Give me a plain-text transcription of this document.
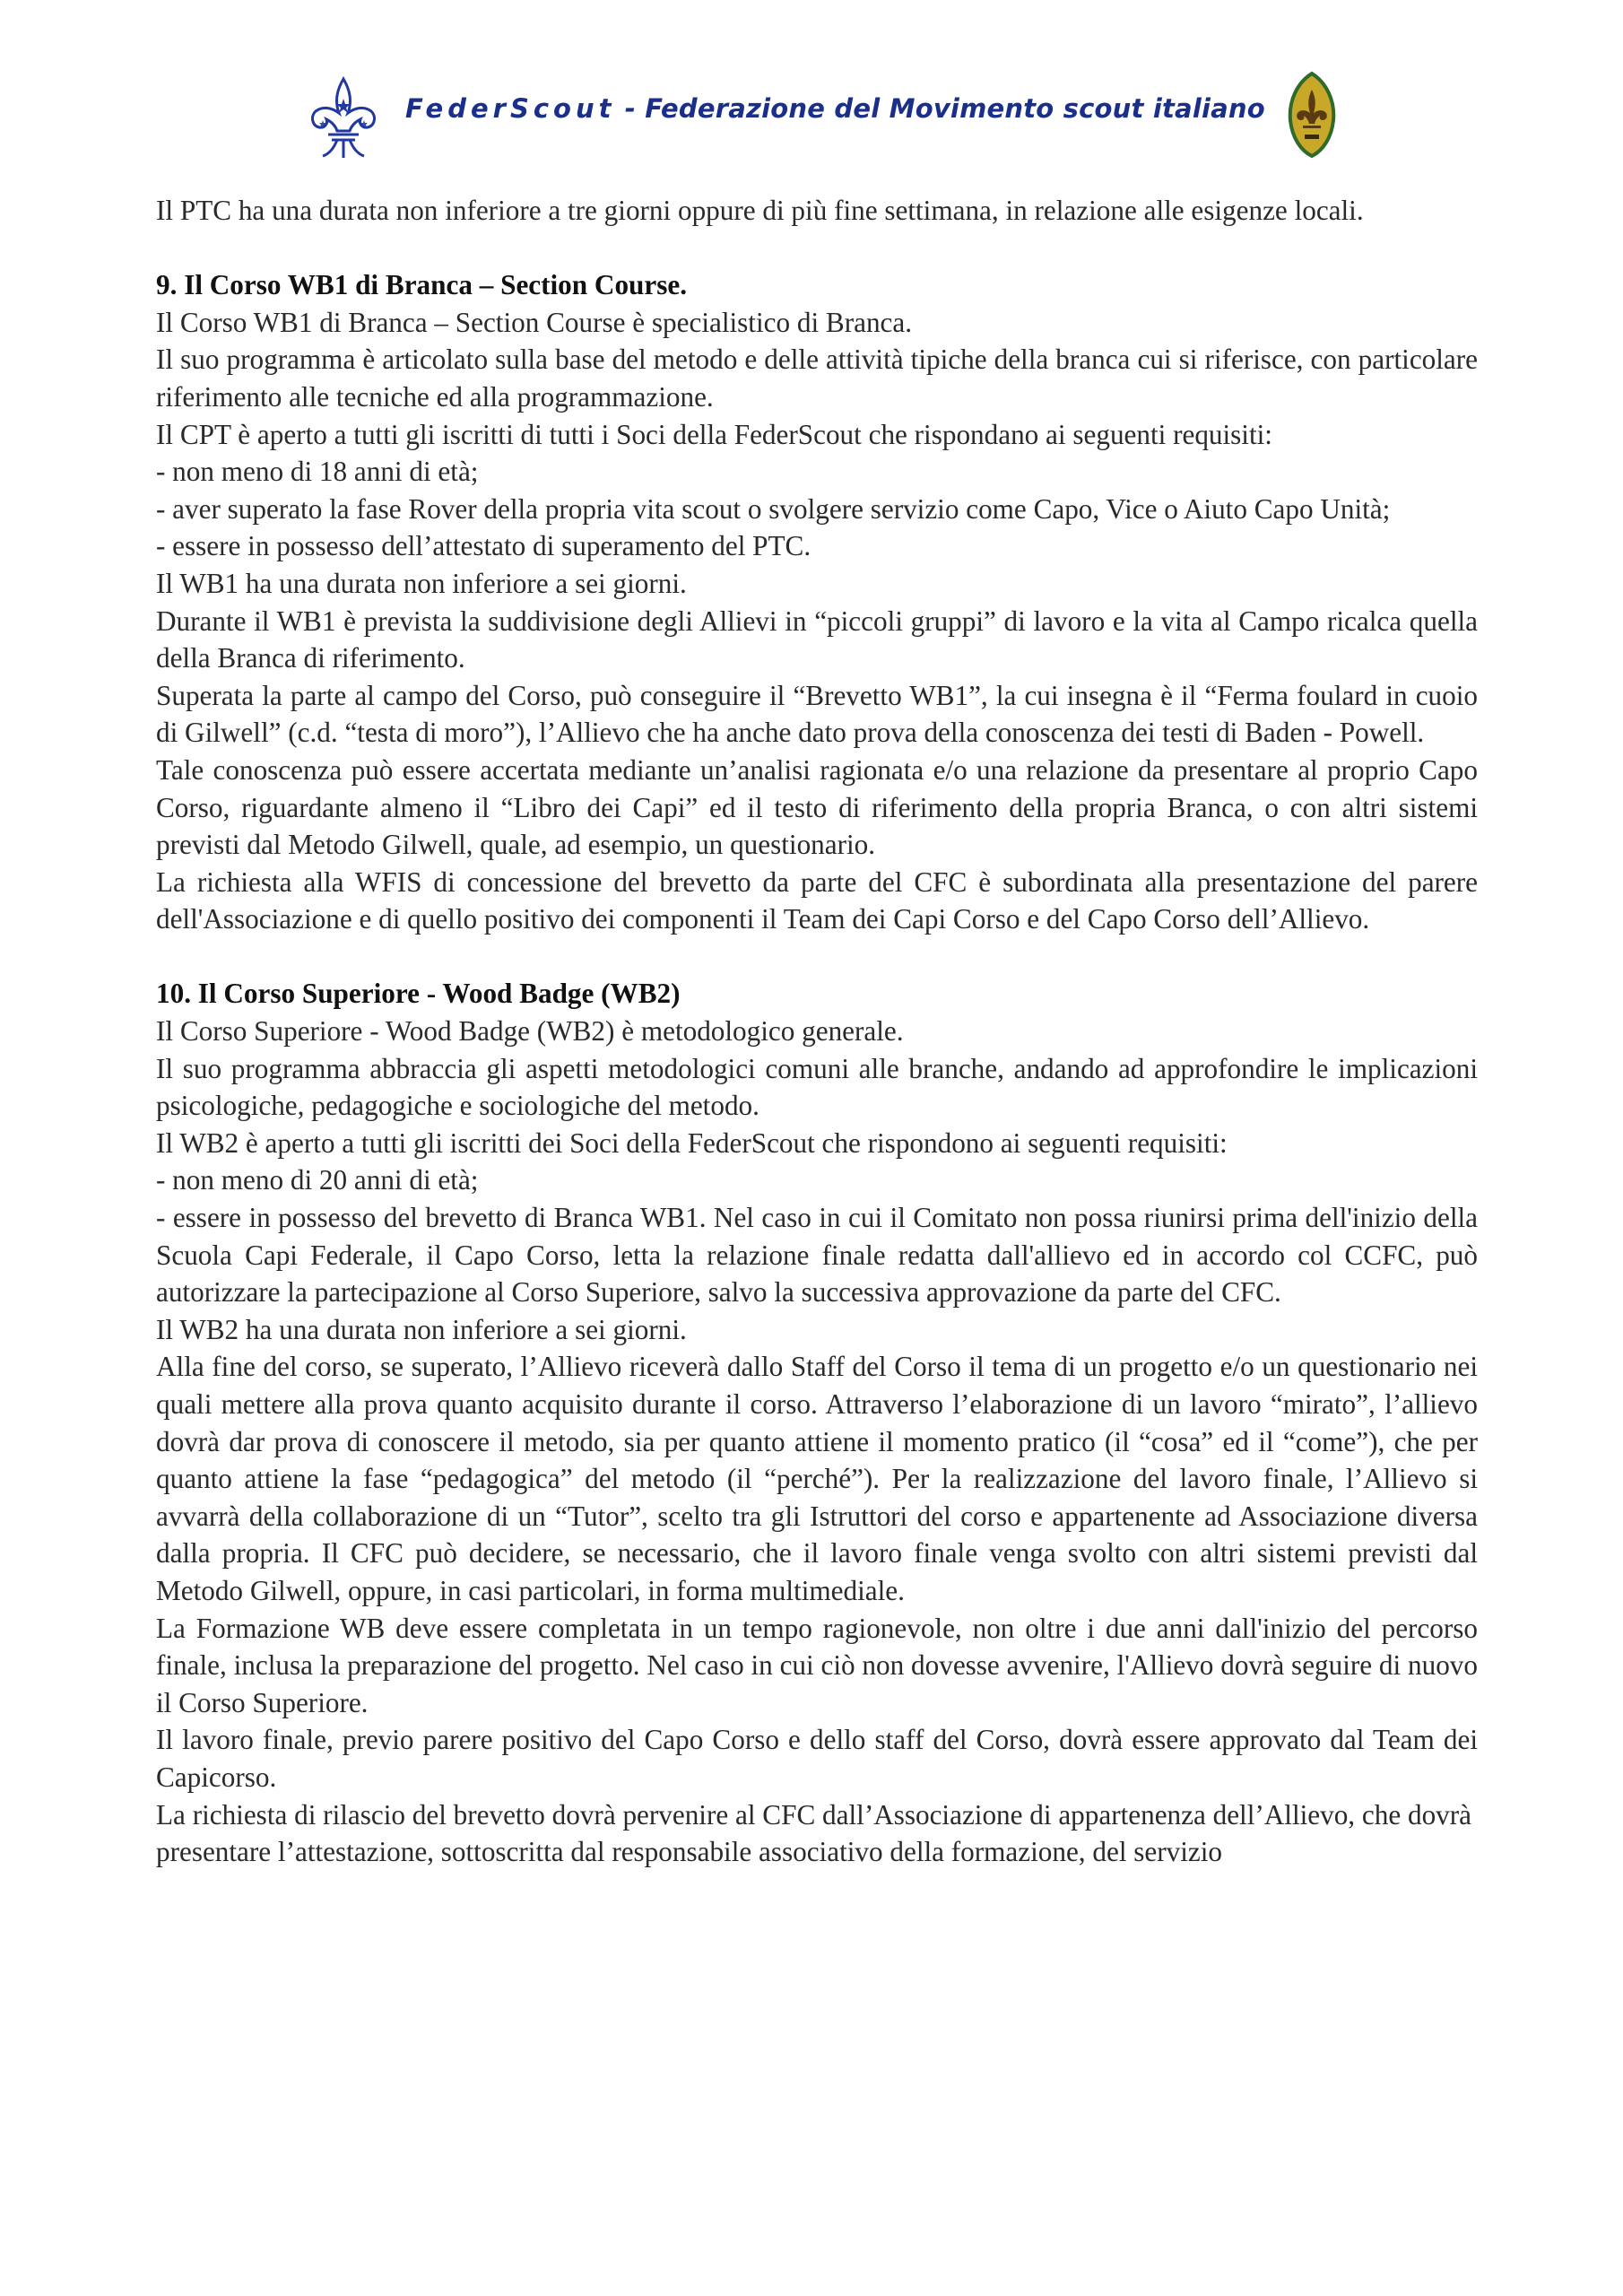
FederScout - Federazione del Movimento scout italiano

Il PTC ha una durata non inferiore a tre giorni oppure di più fine settimana, in relazione alle esigenze locali.

9. Il Corso WB1 di Branca – Section Course.

Il Corso WB1 di Branca – Section Course è specialistico di Branca.

Il suo programma è articolato sulla base del metodo e delle attività tipiche della branca cui si riferisce, con particolare riferimento alle tecniche ed alla programmazione.

Il CPT è aperto a tutti gli iscritti di tutti i Soci della FederScout che rispondano ai seguenti requisiti:

- non meno di 18 anni di età;

- aver superato la fase Rover della propria vita scout o svolgere servizio come Capo, Vice o Aiuto Capo Unità;

- essere in possesso dell’attestato di superamento del PTC.

Il WB1 ha una durata non inferiore a sei giorni.

Durante il WB1 è prevista la suddivisione degli Allievi in “piccoli gruppi” di lavoro e la vita al Campo ricalca quella della Branca di riferimento.

Superata la parte al campo del Corso, può conseguire il “Brevetto WB1”, la cui insegna è il “Ferma foulard in cuoio di Gilwell” (c.d. “testa di moro”), l’Allievo che ha anche dato prova della conoscenza dei testi di Baden - Powell.

Tale conoscenza può essere accertata mediante un’analisi ragionata e/o una relazione da presentare al proprio Capo Corso, riguardante almeno il “Libro dei Capi” ed il testo di riferimento della propria Branca, o con altri sistemi previsti dal Metodo Gilwell, quale, ad esempio, un questionario.

La richiesta alla WFIS di concessione del brevetto da parte del CFC è subordinata alla presentazione del parere dell'Associazione e di quello positivo dei componenti il Team dei Capi Corso e del Capo Corso dell’Allievo.

10. Il Corso Superiore - Wood Badge (WB2)

Il Corso Superiore - Wood Badge (WB2) è metodologico generale.

Il suo programma abbraccia gli aspetti metodologici comuni alle branche, andando ad approfondire le implicazioni psicologiche, pedagogiche e sociologiche del metodo.

Il WB2 è aperto a tutti gli iscritti dei Soci della FederScout che rispondono ai seguenti requisiti:

- non meno di 20 anni di età;

- essere in possesso del brevetto di Branca WB1. Nel caso in cui il Comitato non possa riunirsi prima dell'inizio della Scuola Capi Federale, il Capo Corso, letta la relazione finale redatta dall'allievo ed in accordo col CCFC, può autorizzare la partecipazione al Corso Superiore, salvo la successiva approvazione da parte del CFC.

Il WB2 ha una durata non inferiore a sei giorni.

Alla fine del corso, se superato, l’Allievo riceverà dallo Staff del Corso il tema di un progetto e/o un questionario nei quali mettere alla prova quanto acquisito durante il corso. Attraverso l’elaborazione di un lavoro “mirato”, l’allievo dovrà dar prova di conoscere il metodo, sia per quanto attiene il momento pratico (il “cosa” ed il “come”), che per quanto attiene la fase “pedagogica” del metodo (il “perché”). Per la realizzazione del lavoro finale, l’Allievo si avvarrà della collaborazione di un “Tutor”, scelto tra gli Istruttori del corso e appartenente ad Associazione diversa dalla propria. Il CFC può decidere, se necessario, che il lavoro finale venga svolto con altri sistemi previsti dal Metodo Gilwell, oppure, in casi particolari, in forma multimediale.

La Formazione WB deve essere completata in un tempo ragionevole, non oltre i due anni dall'inizio del percorso finale, inclusa la preparazione del progetto. Nel caso in cui ciò non dovesse avvenire, l'Allievo dovrà seguire di nuovo il Corso Superiore.

Il lavoro finale, previo parere positivo del Capo Corso e dello staff del Corso, dovrà essere approvato dal Team dei Capicorso.

La richiesta di rilascio del brevetto dovrà pervenire al CFC dall’Associazione di appartenenza dell’Allievo, che dovrà presentare l’attestazione, sottoscritta dal responsabile associativo della formazione, del servizio
